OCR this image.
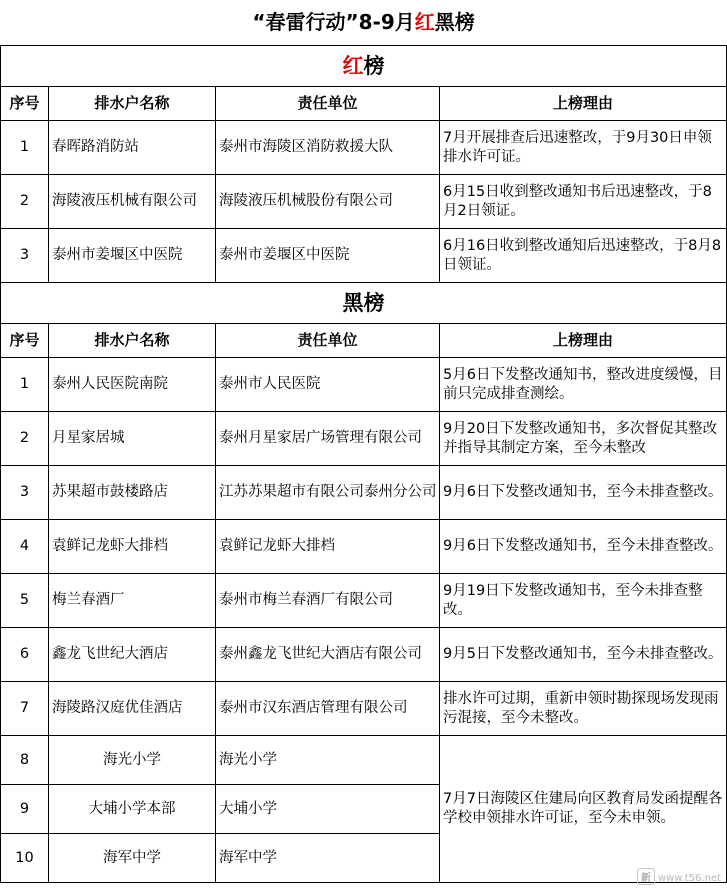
“春雷行动”8-9月红黑榜			
红榜			
序号	排水户名称	责任单位	上榜理由
1	春晖路消防站	泰州市海陵区消防救援大队	7月开展排查后迅速整改，于9月30日申领排水许可证。
2	海陵液压机械有限公司	海陵液压机械股份有限公司	6月15日收到整改通知书后迅速整改，于8月2日领证。
3	泰州市姜堰区中医院	泰州市姜堰区中医院	6月16日收到整改通知后迅速整改，于8月8日领证。
黑榜			
序号	排水户名称	责任单位	上榜理由
1	泰州人民医院南院	泰州市人民医院	5月6日下发整改通知书，整改进度缓慢，目前只完成排查测绘。
2	月星家居城	泰州月星家居广场管理有限公司	9月20日下发整改通知书，多次督促其整改并指导其制定方案，至今未整改
3	苏果超市鼓楼路店	江苏苏果超市有限公司泰州分公司	9月6日下发整改通知书，至今未排查整改。
4	袁鲜记龙虾大排档	袁鲜记龙虾大排档	9月6日下发整改通知书，至今未排查整改。
5	梅兰春酒厂	泰州市梅兰春酒厂有限公司	9月19日下发整改通知书，至今未排查整改。
6	鑫龙飞世纪大酒店	泰州鑫龙飞世纪大酒店有限公司	9月5日下发整改通知书，至今未排查整改。
7	海陵路汉庭优佳酒店	泰州市汉东酒店管理有限公司	排水许可过期，重新申领时勘探现场发现雨污混接，至今未整改。
8	海光小学	海光小学	7月7日海陵区住建局向区教育局发函提醒各学校申领排水许可证，至今未申领。
9	大埔小学本部	大埔小学	
10	海军中学	海军中学	
新 www.t56.net
